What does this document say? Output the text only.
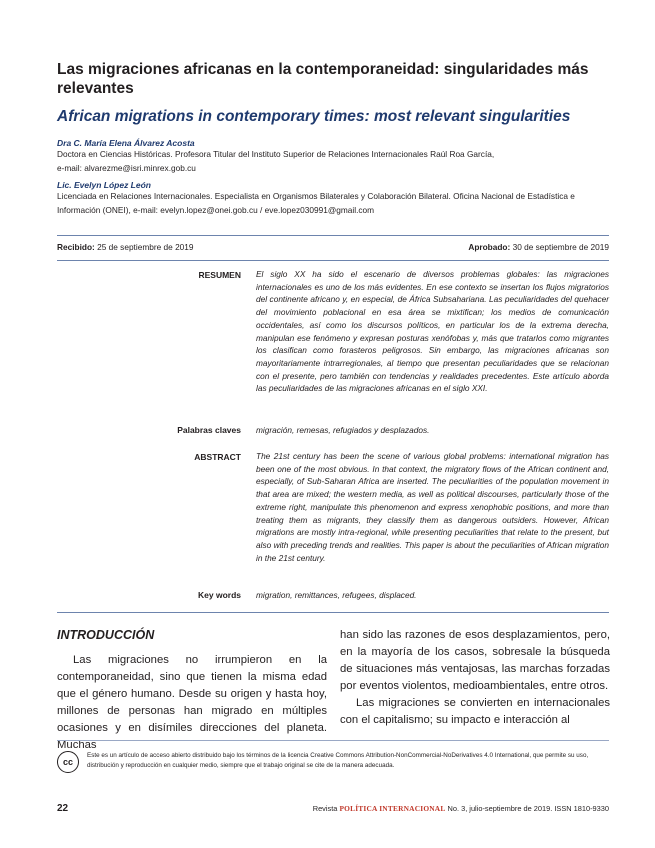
Las migraciones africanas en la contemporaneidad: singularidades más relevantes
African migrations in contemporary times: most relevant singularities
Dra C. María Elena Álvarez Acosta
Doctora en Ciencias Históricas. Profesora Titular del Instituto Superior de Relaciones Internacionales Raúl Roa García,
e-mail: alvarezme@isri.minrex.gob.cu
Lic. Evelyn López León
Licenciada en Relaciones Internacionales. Especialista en Organismos Bilaterales y Colaboración Bilateral. Oficina Nacional de Estadística e
Información (ONEI), e-mail: evelyn.lopez@onei.gob.cu / eve.lopez030991@gmail.com
Recibido: 25 de septiembre de 2019	Aprobado: 30 de septiembre de 2019
RESUMEN El siglo XX ha sido el escenario de diversos problemas globales: las migraciones internacionales es uno de los más evidentes. En ese contexto se insertan los flujos migratorios del continente africano y, en especial, de África Subsahariana. Las peculiaridades del quehacer del movimiento poblacional en esa área se mixtifican; los medios de comunicación occidentales, así como los discursos políticos, en particular los de la extrema derecha, manipulan ese fenómeno y expresan posturas xenófobas y, más que tratarlos como migrantes los clasifican como forasteros peligrosos. Sin embargo, las migraciones africanas son mayoritariamente intrarregionales, al tiempo que presentan peculiaridades que se relacionan con el presente, pero también con tendencias y realidades precedentes. Este artículo aborda las peculiaridades de las migraciones africanas en el siglo XXI.
Palabras claves migración, remesas, refugiados y desplazados.
ABSTRACT The 21st century has been the scene of various global problems: international migration has been one of the most obvious. In that context, the migratory flows of the African continent and, especially, of Sub-Saharan Africa are inserted. The peculiarities of the population movement in that area are mixed; the western media, as well as political discourses, particularly those of the extreme right, manipulate this phenomenon and express xenophobic positions, and more than treating them as migrants, they classify them as dangerous outsiders. However, African migrations are mostly intra-regional, while presenting peculiarities that relate to the present, but also with preceding trends and realities. This paper is about the peculiarities of African migration in the 21st century.
Key words migration, remittances, refugees, displaced.
INTRODUCCIÓN

Las migraciones no irrumpieron en la contemporaneidad, sino que tienen la misma edad que el género humano. Desde su origen y hasta hoy, millones de personas han migrado en múltiples ocasiones y en disímiles direcciones del planeta. Muchas

han sido las razones de esos desplazamientos, pero, en la mayoría de los casos, sobresale la búsqueda de situaciones más ventajosas, las marchas forzadas por eventos violentos, medioambientales, entre otros.

Las migraciones se convierten en internacionales con el capitalismo; su impacto e interacción al

cc
Este es un artículo de acceso abierto distribuido bajo los términos de la licencia Creative Commons Attribution-NonCommercial-NoDerivatives 4.0 International, que permite su uso, distribución y reproducción en cualquier medio, siempre que el trabajo original se cite de la manera adecuada.
22	Revista POLÍTICA INTERNACIONAL No. 3, julio-septiembre de 2019. ISSN 1810-9330
